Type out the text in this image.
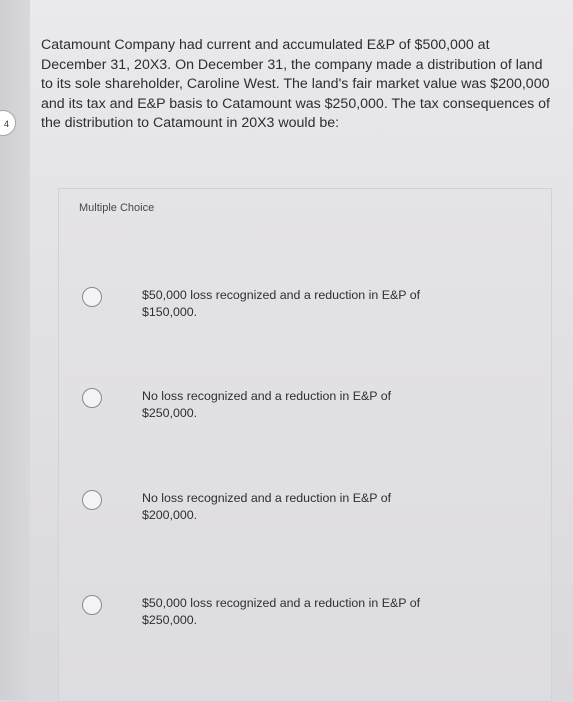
4
Catamount Company had current and accumulated E&P of $500,000 at December 31, 20X3. On December 31, the company made a distribution of land to its sole shareholder, Caroline West. The land's fair market value was $200,000 and its tax and E&P basis to Catamount was $250,000. The tax consequences of the distribution to Catamount in 20X3 would be:
Multiple Choice
$50,000 loss recognized and a reduction in E&P of $150,000.
No loss recognized and a reduction in E&P of $250,000.
No loss recognized and a reduction in E&P of $200,000.
$50,000 loss recognized and a reduction in E&P of $250,000.
